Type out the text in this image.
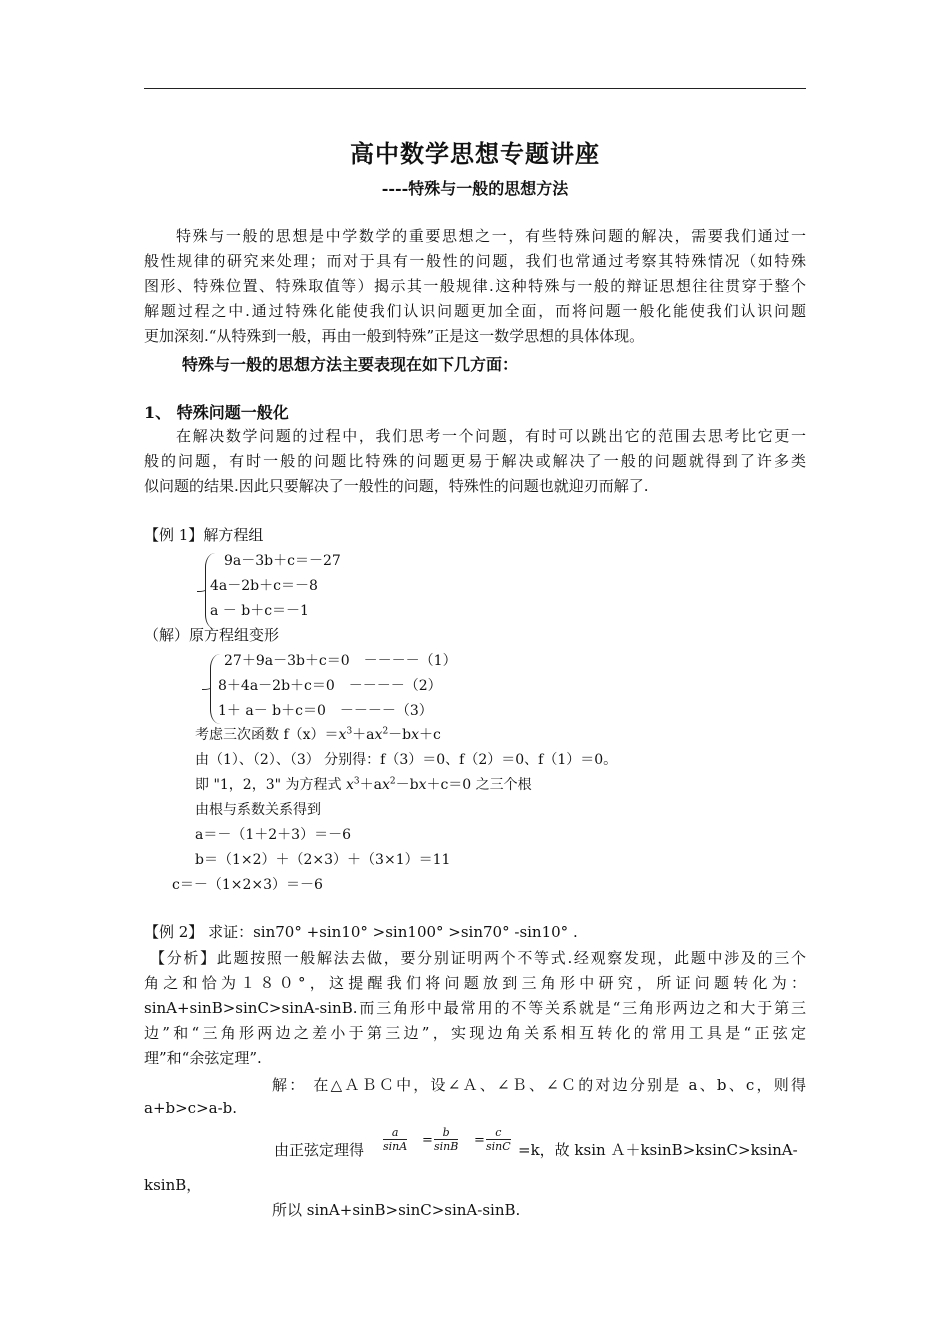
高中数学思想专题讲座
----特殊与一般的思想方法
特殊与一般的思想是中学数学的重要思想之一，有些特殊问题的解决，需要我们通过一
般性规律的研究来处理；而对于具有一般性的问题，我们也常通过考察其特殊情况（如特殊
图形、特殊位置、特殊取值等）揭示其一般规律.这种特殊与一般的辩证思想往往贯穿于整个
解题过程之中.通过特殊化能使我们认识问题更加全面，而将问题一般化能使我们认识问题
更加深刻.“从特殊到一般，再由一般到特殊”正是这一数学思想的具体体现。
特殊与一般的思想方法主要表现在如下几方面：
1、 特殊问题一般化
在解决数学问题的过程中，我们思考一个问题，有时可以跳出它的范围去思考比它更一
般的问题，有时一般的问题比特殊的问题更易于解决或解决了一般的问题就得到了许多类
似问题的结果.因此只要解决了一般性的问题，特殊性的问题也就迎刃而解了.
【例 1】解方程组
9a－3b＋c＝－27
4a－2b＋c＝－8
a － b＋c＝－1
（解）原方程组变形
27＋9a－3b＋c＝0　－－－－（1）
8＋4a－2b＋c＝0　－－－－（2）
1＋ a－ b＋c＝0　－－－－（3）
考虑三次函数 $f(x)=x^3+ax^2-bx+c$
由（1）、（2）、（3） 分别得：f（3）＝0、f（2）＝0、f（1）＝0。
即 "1，2，3" 为方程式 $x^3+ax^2-bx+c=0$ 之三个根
由根与系数关系得到
a＝－（1＋2＋3）＝－6
b＝（1×2）＋（2×3）＋（3×1）＝11
c＝－（1×2×3）＝－6
【例 2】 求证：sin70° +sin10° >sin100° >sin70° -sin10° .
【分析】此题按照一般解法去做，要分别证明两个不等式.经观察发现，此题中涉及的三个
角之和恰为１８０°，这提醒我们将问题放到三角形中研究，所证问题转化为：
sinA+sinB>sinC>sinA-sinB.而三角形中最常用的不等关系就是“三角形两边之和大于第三
边”和“三角形两边之差小于第三边”，实现边角关系相互转化的常用工具是“正弦定
理”和“余弦定理”.
解： 在△ＡＢＣ中，设∠Ａ、∠Ｂ、∠Ｃ的对边分别是 a、b、c，则得
a+b>c>a-b.
由正弦定理得 $\frac{a}{\sin A} = \frac{b}{\sin B} = \frac{c}{\sin C} =k$，故 ksin Ａ＋ksinB>ksinC>ksinA-
ksinB，
所以 sinA+sinB>sinC>sinA-sinB.
